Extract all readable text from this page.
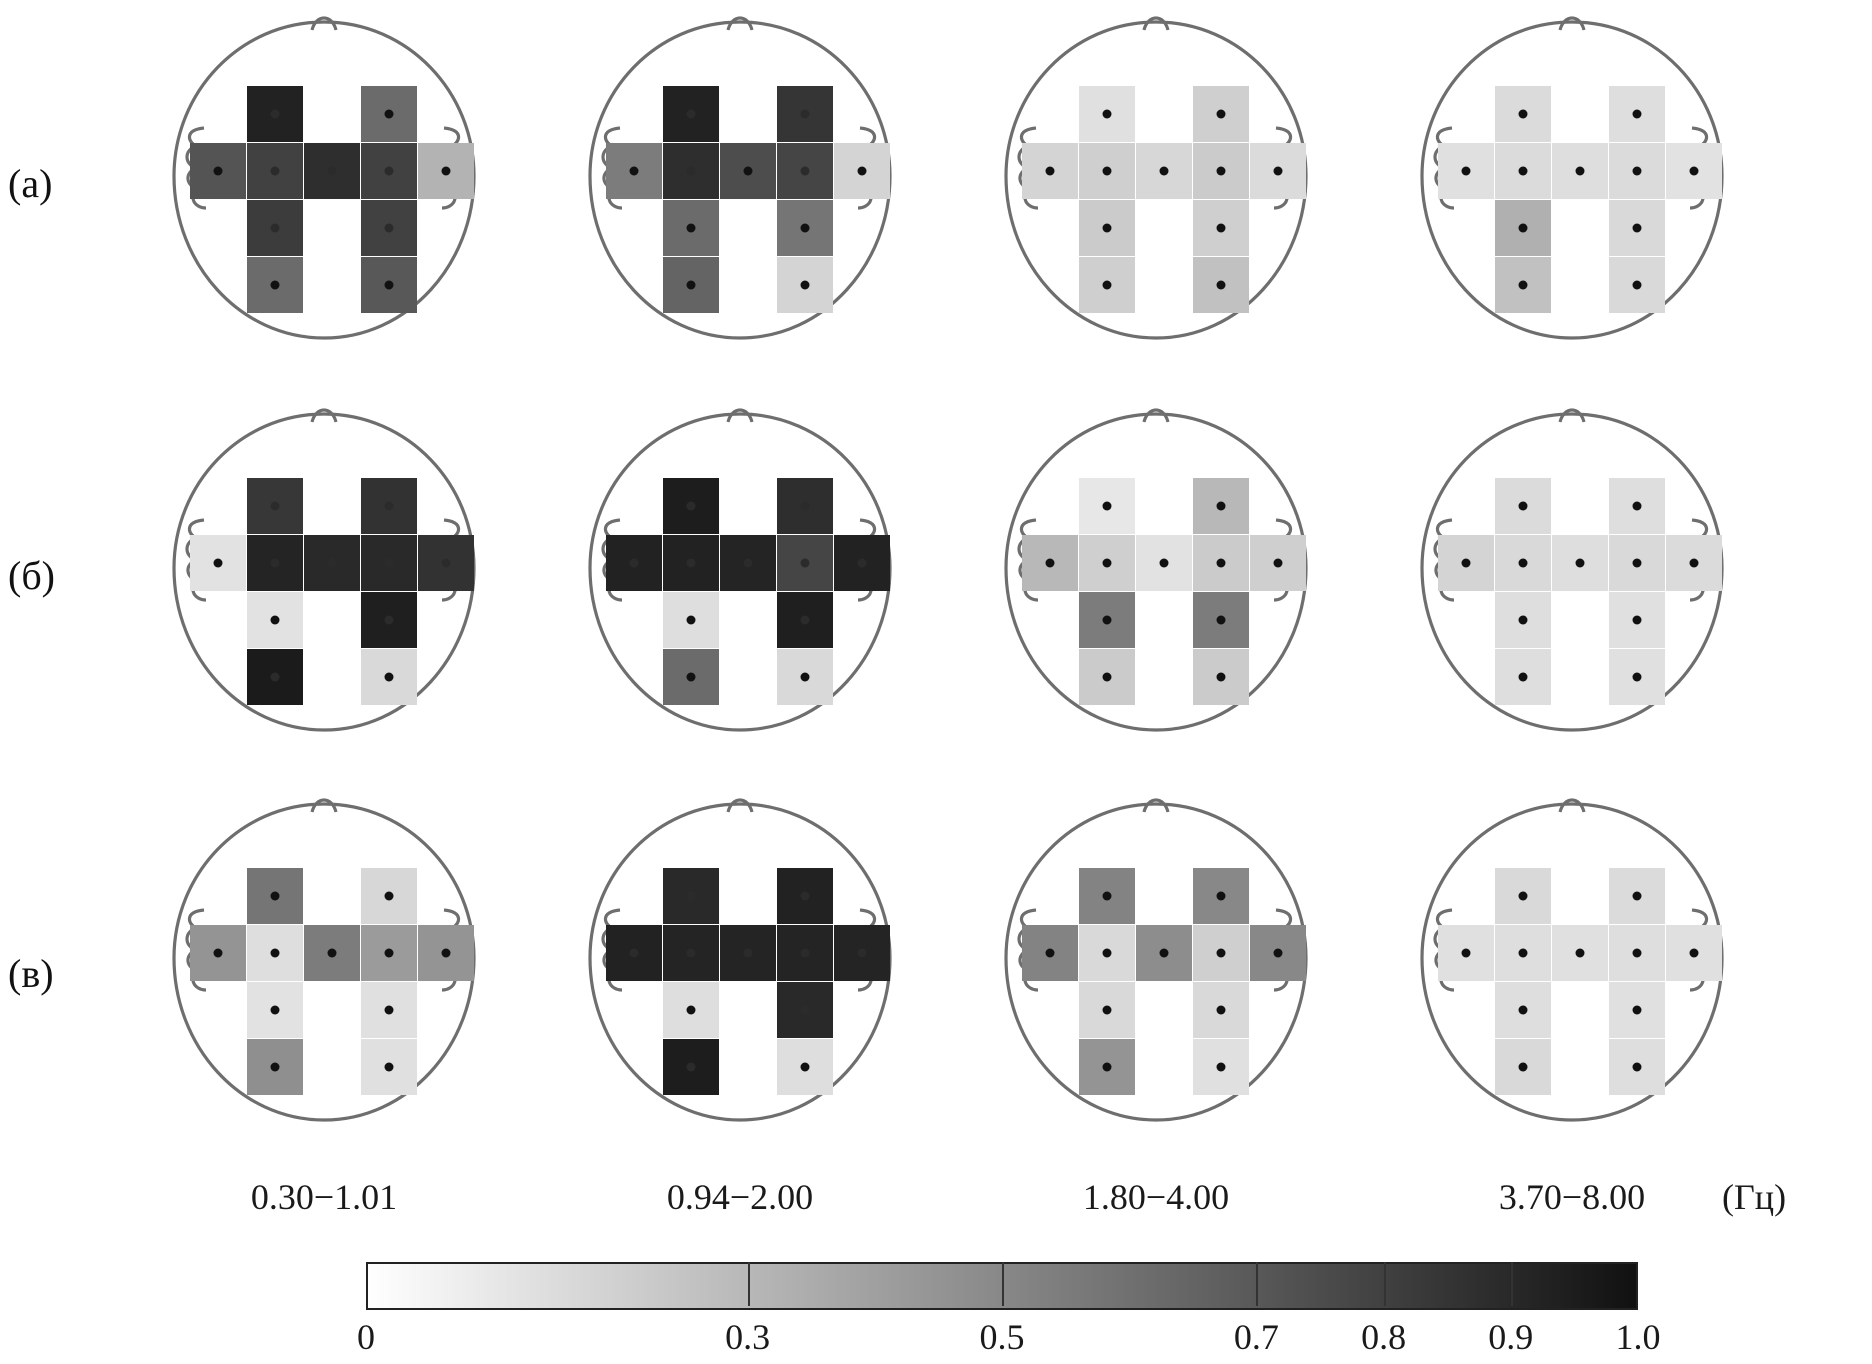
(а)
(б)
(в)
0.30−1.01	0.94−2.00	1.80−4.00	3.70−8.00	(Гц)
0	0.3	0.5	0.7 0.8 0.9 1.0
